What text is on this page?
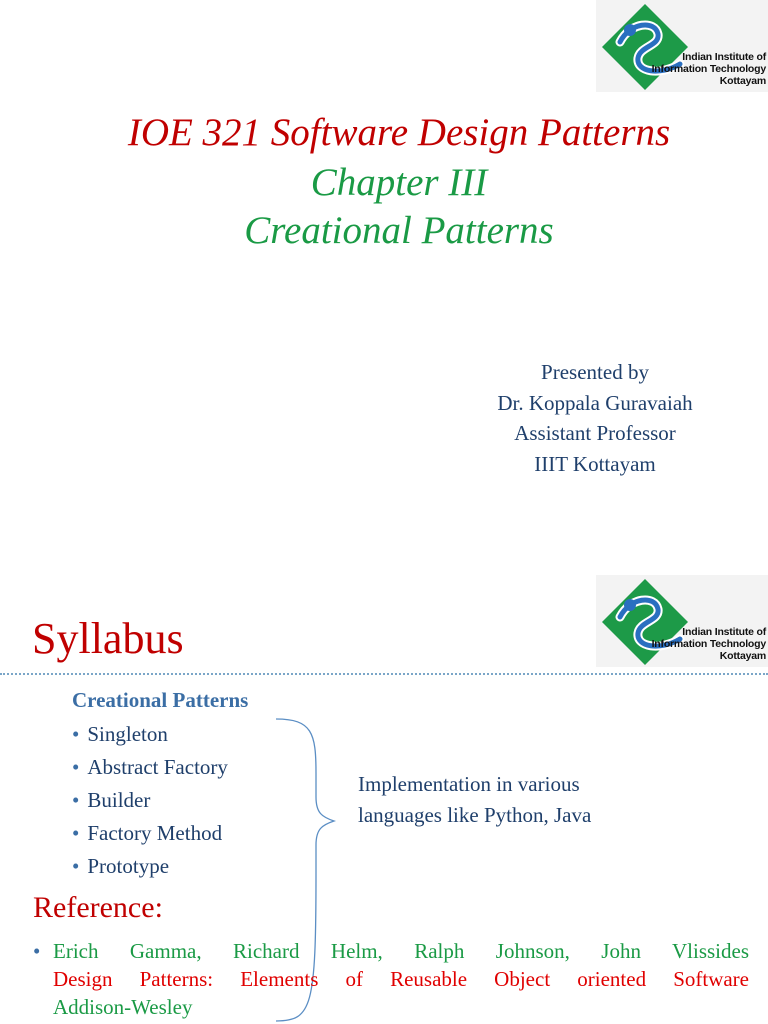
Indian Institute of
Information Technology
Kottayam
IOE 321 Software Design Patterns
Chapter III
Creational Patterns
Presented by
Dr. Koppala Guravaiah
Assistant Professor
IIIT Kottayam
Indian Institute of
Information Technology
Kottayam
Syllabus
Creational Patterns
• Singleton
• Abstract Factory
• Builder
• Factory Method
• Prototype
Implementation in various
languages like Python, Java
Reference:
• Erich Gamma, Richard Helm, Ralph Johnson, John Vlissides
Design Patterns: Elements of Reusable Object oriented Software
Addison-Wesley
